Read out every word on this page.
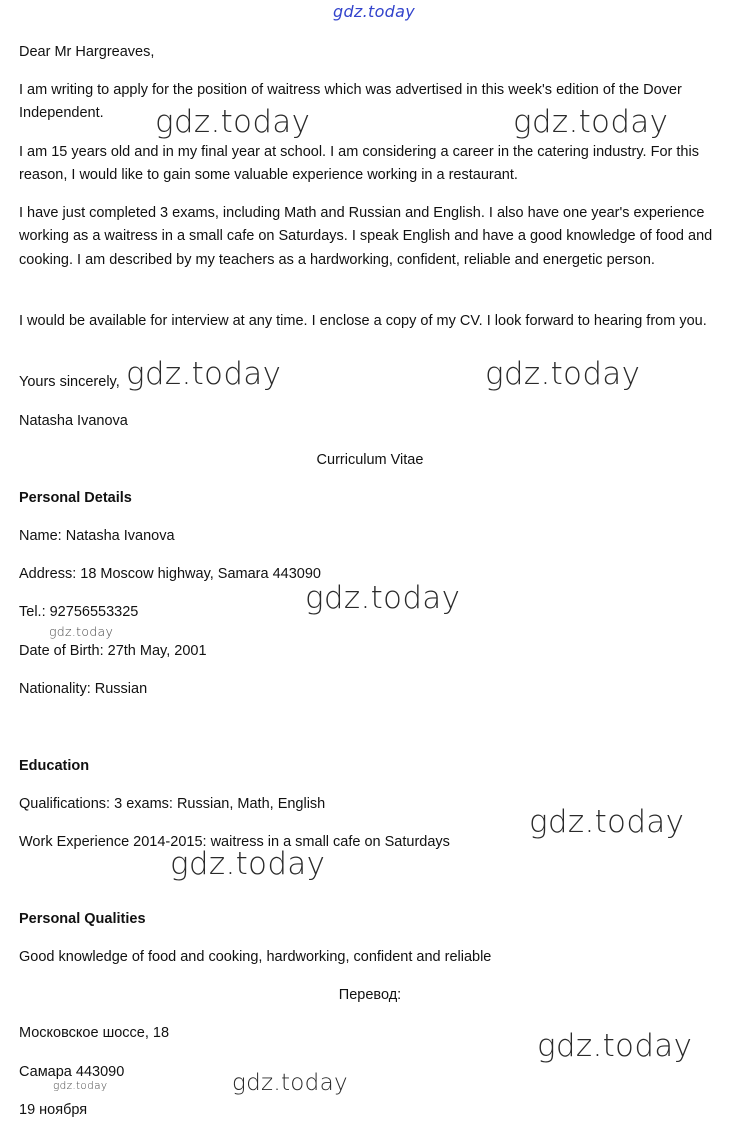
gdz.today
Dear Mr Hargreaves,
I am writing to apply for the position of waitress which was advertised in this week's edition of the Dover Independent.
I am 15 years old and in my final year at school. I am considering a career in the catering industry. For this reason, I would like to gain some valuable experience working in a restaurant.
I have just completed 3 exams, including Math and Russian and English. I also have one year's experience working as a waitress in a small cafe on Saturdays. I speak English and have a good knowledge of food and cooking. I am described by my teachers as a hardworking, confident, reliable and energetic person.
I would be available for interview at any time. I enclose a copy of my CV. I look forward to hearing from you.
Yours sincerely,
Natasha Ivanova
Curriculum Vitae
Personal Details
Name: Natasha Ivanova
Address: 18 Moscow highway, Samara 443090
Tel.: 92756553325
Date of Birth: 27th May, 2001
Nationality: Russian
Education
Qualifications: 3 exams: Russian, Math, English
Work Experience 2014-2015: waitress in a small cafe on Saturdays
Personal Qualities
Good knowledge of food and cooking, hardworking, confident and reliable
Перевод:
Московское шоссе, 18
Самара 443090
19 ноября
gdz.today	gdz.today
gdz.today	gdz.today
gdz.today
gdz.today
gdz.today
gdz.today
gdz.today
gdz.today	gdz.today
